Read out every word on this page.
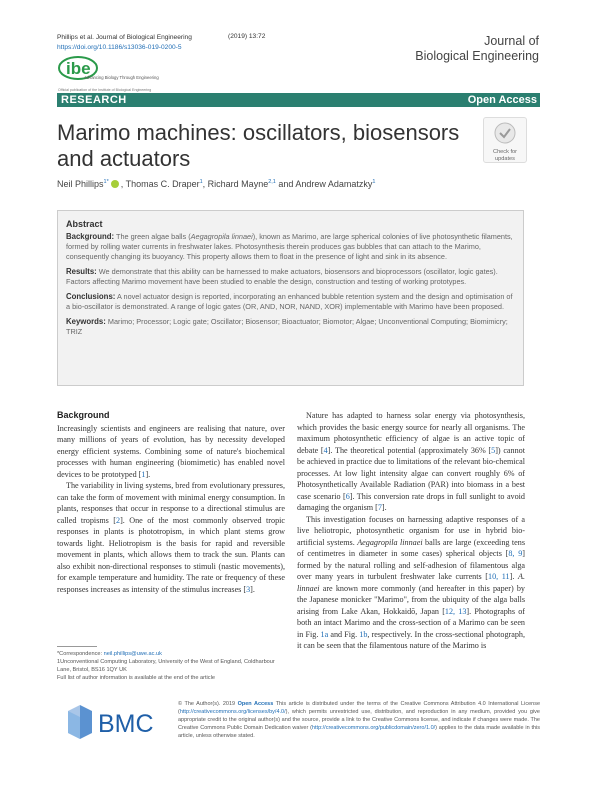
Phillips et al. Journal of Biological Engineering
https://doi.org/10.1186/s13036-019-0200-5
(2019) 13:72	Journal of
Biological Engineering
ibe
Advancing Biology Through Engineering
Official publication of the Institute of Biological Engineering
RESEARCH	Open Access
Marimo machines: oscillators, biosensors and actuators	Check for
updates
Neil Phillips$^{1*}$ , Thomas C. Draper$^1$, Richard Mayne$^{2,1}$ and Andrew Adamatzky$^1$
Abstract
Background: The green algae balls (Aegagropila linnaei), known as Marimo, are large spherical colonies of live photosynthetic filaments, formed by rolling water currents in freshwater lakes. Photosynthesis therein produces gas bubbles that can attach to the Marimo, consequently changing its buoyancy. This property allows them to float in the presence of light and sink in its absence.
Results: We demonstrate that this ability can be harnessed to make actuators, biosensors and bioprocessors (oscillator, logic gates). Factors affecting Marimo movement have been studied to enable the design, construction and testing of working prototypes.
Conclusions: A novel actuator design is reported, incorporating an enhanced bubble retention system and the design and optimisation of a bio-oscillator is demonstrated. A range of logic gates (OR, AND, NOR, NAND, XOR) implementable with Marimo have been proposed.
Keywords: Marimo; Processor; Logic gate; Oscillator; Biosensor; Bioactuator; Biomotor; Algae; Unconventional Computing; Biomimicry; TRIZ
Background

Increasingly scientists and engineers are realising that nature, over many millions of years of evolution, has by necessity developed energy efficient systems. Combining some of nature's biochemical processes with human engineering (biomimetic) has enabled novel devices to be prototyped [1].

The variability in living systems, bred from evolutionary pressures, can take the form of movement with minimal energy consumption. In plants, responses that occur in response to a directional stimulus are called tropisms [2]. One of the most commonly observed tropic responses in plants is phototropism, in which plant stems grow towards light. Heliotropism is the basis for rapid and reversible movement in plants, which allows them to track the sun. Plants can also exhibit non-directional responses to stimuli (nastic movements), for example temperature and humidity. The rate or frequency of these responses increases as intensity of the stimulus increases [3].

Nature has adapted to harness solar energy via photosynthesis, which provides the basic energy source for nearly all organisms. The maximum photosynthetic efficiency of algae is an active topic of debate [4]. The theoretical potential (approximately 36% [5]) cannot be achieved in practice due to limitations of the relevant bio-chemical processes. At low light intensity algae can convert roughly 6% of Photosynthetically Available Radiation (PAR) into biomass in a best case scenario [6]. This conversion rate drops in full sunlight to avoid damaging the organism [7].

This investigation focuses on harnessing adaptive responses of a live heliotropic, photosynthetic organism for use in hybrid bio-artificial systems. Aegagropila linnaei balls are large (exceeding tens of centimetres in diameter in some cases) spherical objects [8, 9] formed by the natural rolling and self-adhesion of filamentous alga over many years in turbulent freshwater lake currents [10, 11]. A. linnaei are known more commonly (and hereafter in this paper) by the Japanese monicker "Marimo", from the ubiquity of the alga balls arising from Lake Akan, Hokkaidō, Japan [12, 13]. Photographs of both an intact Marimo and the cross-section of a Marimo can be seen in Fig. 1a and Fig. 1b, respectively. In the cross-sectional photograph, it can be seen that the filamentous nature of the Marimo is

*Correspondence: neil.phillips@uwe.ac.uk
1Unconventional Computing Laboratory, University of the West of England, Coldharbour Lane, Bristol, BS16 1QY UK
Full list of author information is available at the end of the article
BMC
© The Author(s). 2019 Open Access This article is distributed under the terms of the Creative Commons Attribution 4.0 International License (http://creativecommons.org/licenses/by/4.0/), which permits unrestricted use, distribution, and reproduction in any medium, provided you give appropriate credit to the original author(s) and the source, provide a link to the Creative Commons license, and indicate if changes were made. The Creative Commons Public Domain Dedication waiver (http://creativecommons.org/publicdomain/zero/1.0/) applies to the data made available in this article, unless otherwise stated.
